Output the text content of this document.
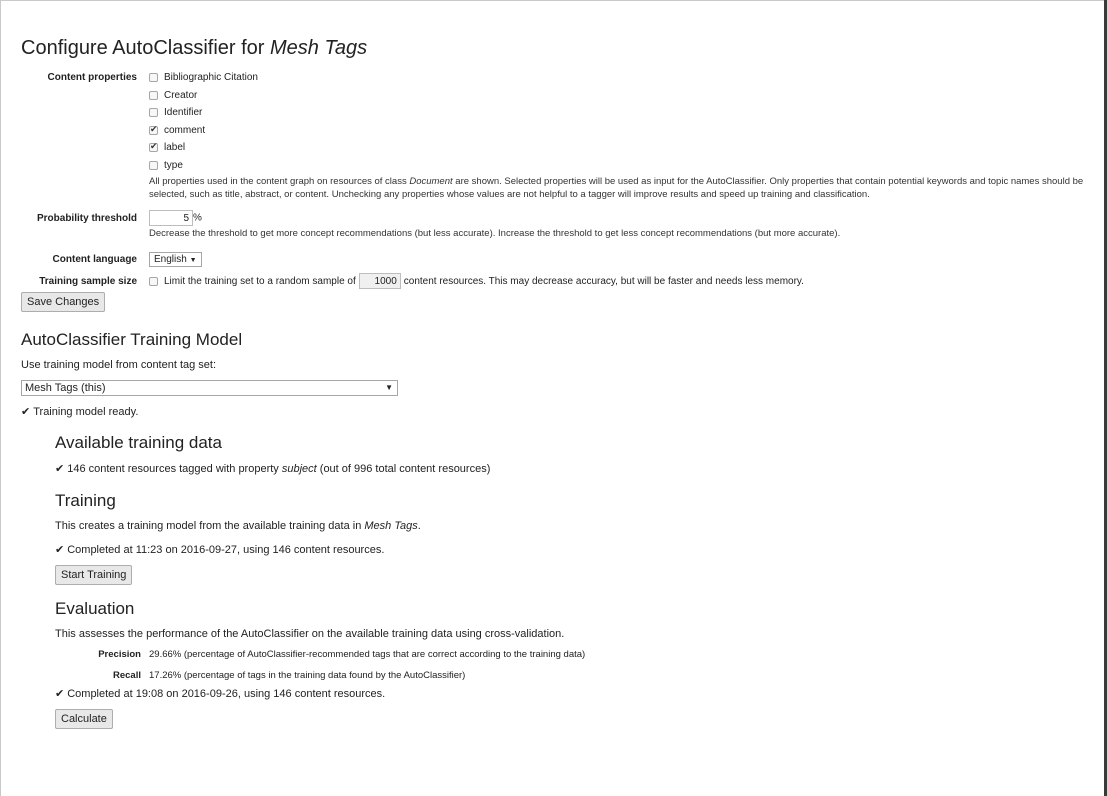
Configure AutoClassifier for Mesh Tags
Content properties	Bibliographic Citation
Creator
Identifier
✔
comment
✔
label
type
All properties used in the content graph on resources of class Document are shown. Selected properties will be used as input for the AutoClassifier. Only properties that contain potential keywords and topic names should be selected, such as title, abstract, or content. Unchecking any properties whose values are not helpful to a tagger will improve results and speed up training and classification.
Probability threshold	5 %
Decrease the threshold to get more concept recommendations (but less accurate). Increase the threshold to get less concept recommendations (but more accurate).
Content language	English ▼
Training sample size	Limit the training set to a random sample of	1000 content resources. This may decrease accuracy, but will be faster and needs less memory.
Save Changes
AutoClassifier Training Model
Use training model from content tag set:
Mesh Tags (this)	▼
✔ Training model ready.
Available training data
✔ 146 content resources tagged with property subject (out of 996 total content resources)
Training
This creates a training model from the available training data in Mesh Tags.
✔ Completed at 11:23 on 2016-09-27, using 146 content resources.
Start Training
Evaluation
This assesses the performance of the AutoClassifier on the available training data using cross-validation.
Precision 29.66% (percentage of AutoClassifier-recommended tags that are correct according to the training data)
Recall 17.26% (percentage of tags in the training data found by the AutoClassifier)
✔ Completed at 19:08 on 2016-09-26, using 146 content resources.
Calculate
